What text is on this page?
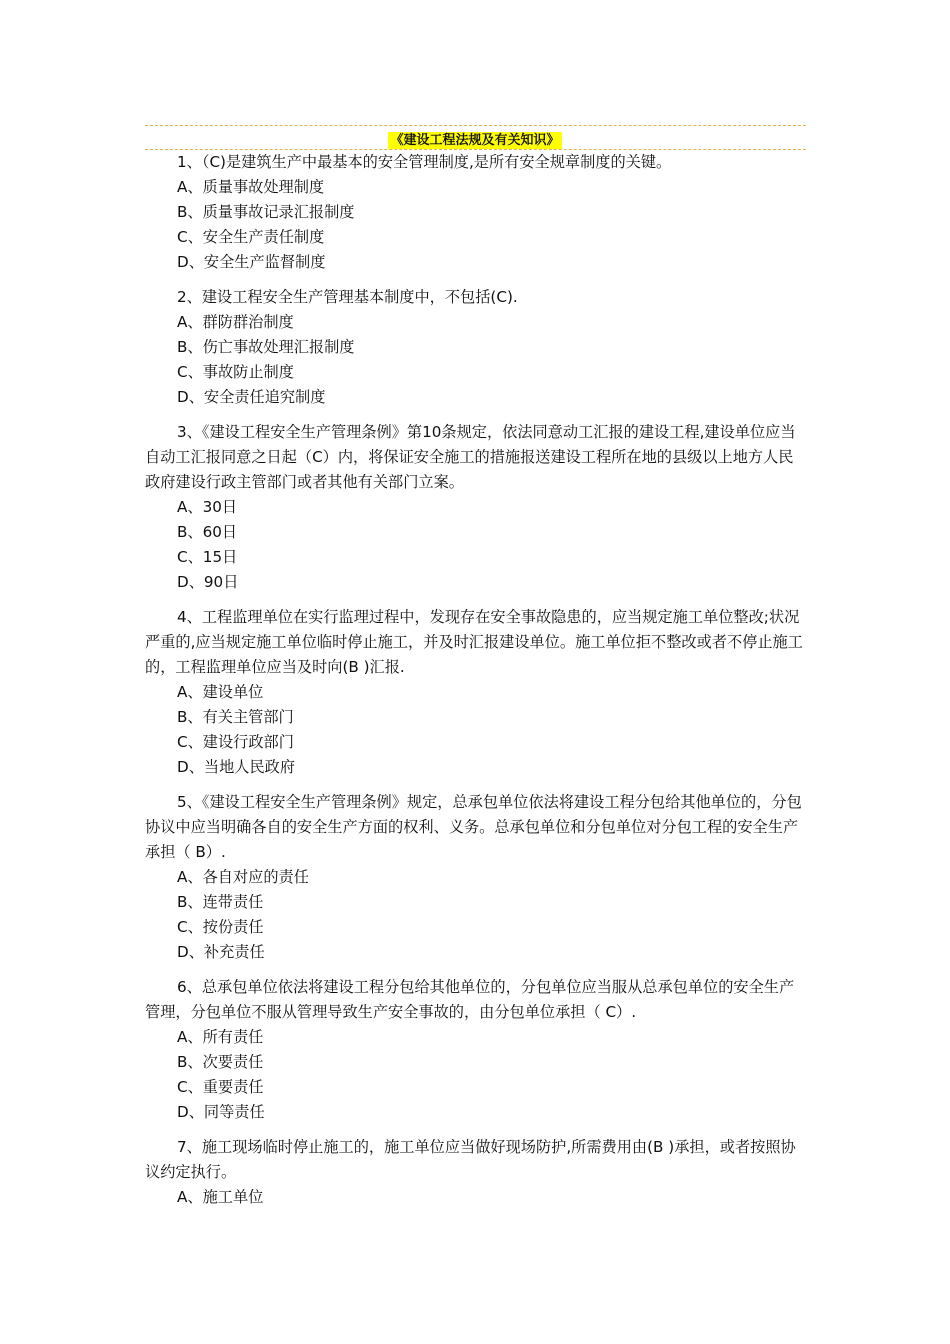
《建设工程法规及有关知识》

1、（C)是建筑生产中最基本的安全管理制度,是所有安全规章制度的关键。

A、质量事故处理制度

B、质量事故记录汇报制度

C、安全生产责任制度

D、安全生产监督制度

2、建设工程安全生产管理基本制度中，不包括(C).

A、群防群治制度

B、伤亡事故处理汇报制度

C、事故防止制度

D、安全责任追究制度

3、《建设工程安全生产管理条例》第10条规定，依法同意动工汇报的建设工程,建设单位应当自动工汇报同意之日起（C）内，将保证安全施工的措施报送建设工程所在地的县级以上地方人民政府建设行政主管部门或者其他有关部门立案。

A、30日

B、60日

C、15日

D、90日

4、工程监理单位在实行监理过程中，发现存在安全事故隐患的，应当规定施工单位整改;状况严重的,应当规定施工单位临时停止施工，并及时汇报建设单位。施工单位拒不整改或者不停止施工的，工程监理单位应当及时向(B )汇报.

A、建设单位

B、有关主管部门

C、建设行政部门

D、当地人民政府

5、《建设工程安全生产管理条例》规定，总承包单位依法将建设工程分包给其他单位的，分包协议中应当明确各自的安全生产方面的权利、义务。总承包单位和分包单位对分包工程的安全生产承担（ B）.

A、各自对应的责任

B、连带责任

C、按份责任

D、补充责任

6、总承包单位依法将建设工程分包给其他单位的，分包单位应当服从总承包单位的安全生产管理，分包单位不服从管理导致生产安全事故的，由分包单位承担（ C）.

A、所有责任

B、次要责任

C、重要责任

D、同等责任

7、施工现场临时停止施工的，施工单位应当做好现场防护,所需费用由(B )承担，或者按照协议约定执行。

A、施工单位
